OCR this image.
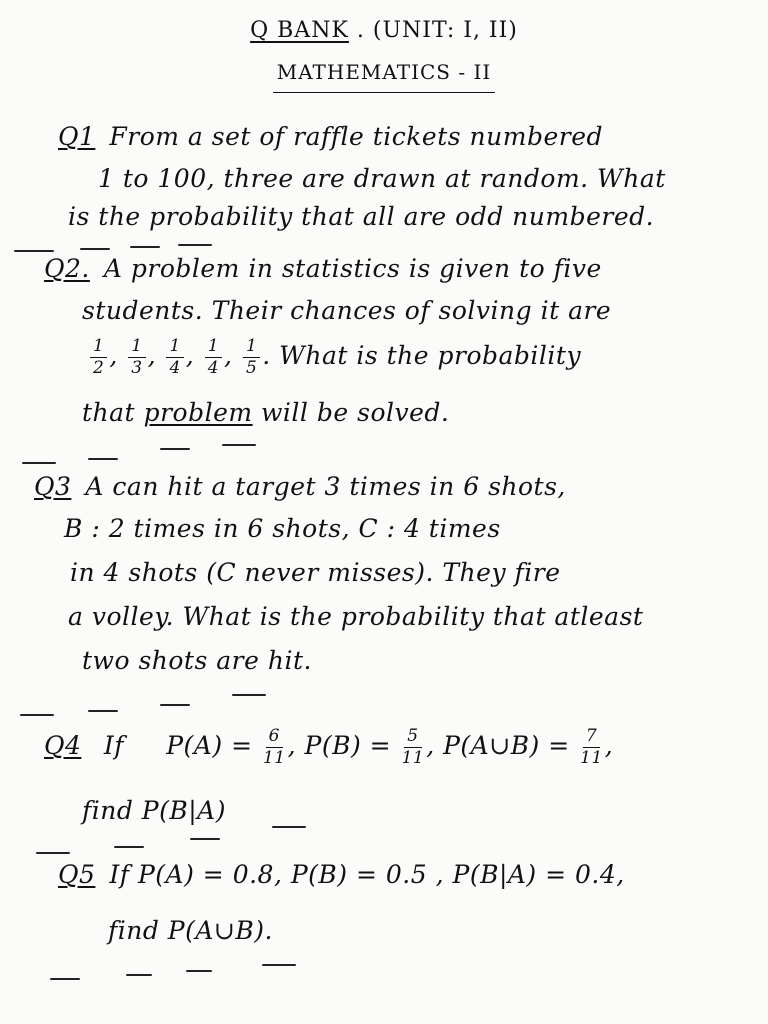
Q BANK . (UNIT: I, II)
MATHEMATICS - II
Q1 From a set of raffle tickets numbered
1 to 100, three are drawn at random. What
is the probability that all are odd numbered.
Q2. A problem in statistics is given to five
students. Their chances of solving it are
$\frac{1}{2}$ , $\frac{1}{3}$ , $\frac{1}{4}$ , $\frac{1}{4}$ , $\frac{1}{5}$ . What is the probability
that problem will be solved.
Q3 A can hit a target 3 times in 6 shots,
B : 2 times in 6 shots, C : 4 times
in 4 shots (C never misses). They fire
a volley. What is the probability that atleast
two shots are hit.
Q4 If $P(A) = \frac{6}{11}$ , $P(B) = \frac{5}{11}$ , P(A∪B) = $\frac{7}{11}$ ,
find P(B|A)
Q5 If P(A) = 0.8, P(B) = 0.5 , P(B|A) = 0.4,
find P(A∪B).
